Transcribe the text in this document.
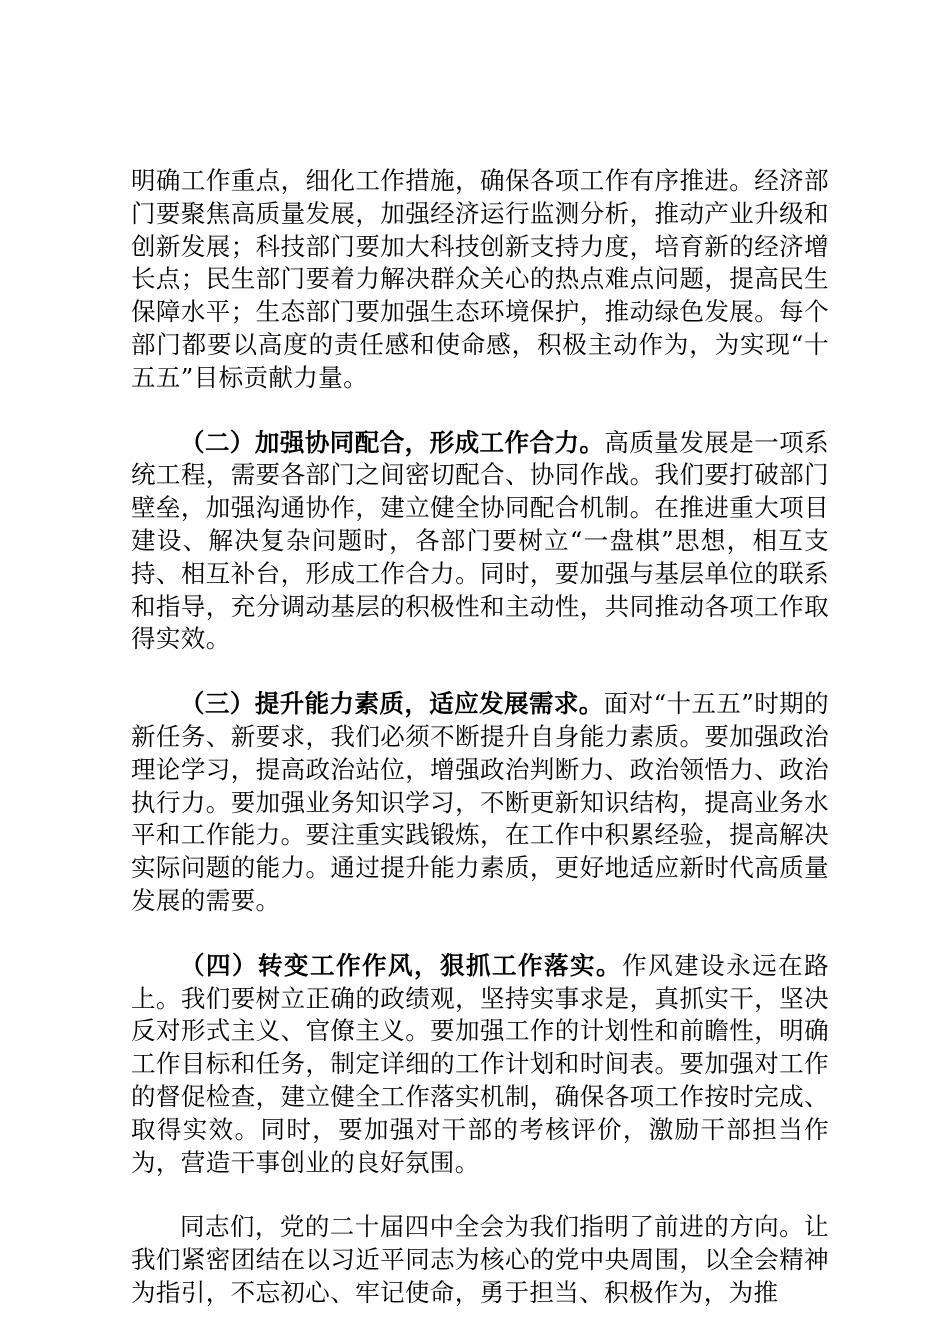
明确工作重点，细化工作措施，确保各项工作有序推进。经济部门要聚焦高质量发展，加强经济运行监测分析，推动产业升级和创新发展；科技部门要加大科技创新支持力度，培育新的经济增长点；民生部门要着力解决群众关心的热点难点问题，提高民生保障水平；生态部门要加强生态环境保护，推动绿色发展。每个部门都要以高度的责任感和使命感，积极主动作为，为实现“十五五”目标贡献力量。

（二）加强协同配合，形成工作合力。高质量发展是一项系统工程，需要各部门之间密切配合、协同作战。我们要打破部门壁垒，加强沟通协作，建立健全协同配合机制。在推进重大项目建设、解决复杂问题时，各部门要树立“一盘棋”思想，相互支持、相互补台，形成工作合力。同时，要加强与基层单位的联系和指导，充分调动基层的积极性和主动性，共同推动各项工作取得实效。

（三）提升能力素质，适应发展需求。面对“十五五”时期的新任务、新要求，我们必须不断提升自身能力素质。要加强政治理论学习，提高政治站位，增强政治判断力、政治领悟力、政治执行力。要加强业务知识学习，不断更新知识结构，提高业务水平和工作能力。要注重实践锻炼，在工作中积累经验，提高解决实际问题的能力。通过提升能力素质，更好地适应新时代高质量发展的需要。

（四）转变工作作风，狠抓工作落实。作风建设永远在路上。我们要树立正确的政绩观，坚持实事求是，真抓实干，坚决反对形式主义、官僚主义。要加强工作的计划性和前瞻性，明确工作目标和任务，制定详细的工作计划和时间表。要加强对工作的督促检查，建立健全工作落实机制，确保各项工作按时完成、取得实效。同时，要加强对干部的考核评价，激励干部担当作为，营造干事创业的良好氛围。

同志们，党的二十届四中全会为我们指明了前进的方向。让我们紧密团结在以习近平同志为核心的党中央周围，以全会精神为指引，不忘初心、牢记使命，勇于担当、积极作为，为推
